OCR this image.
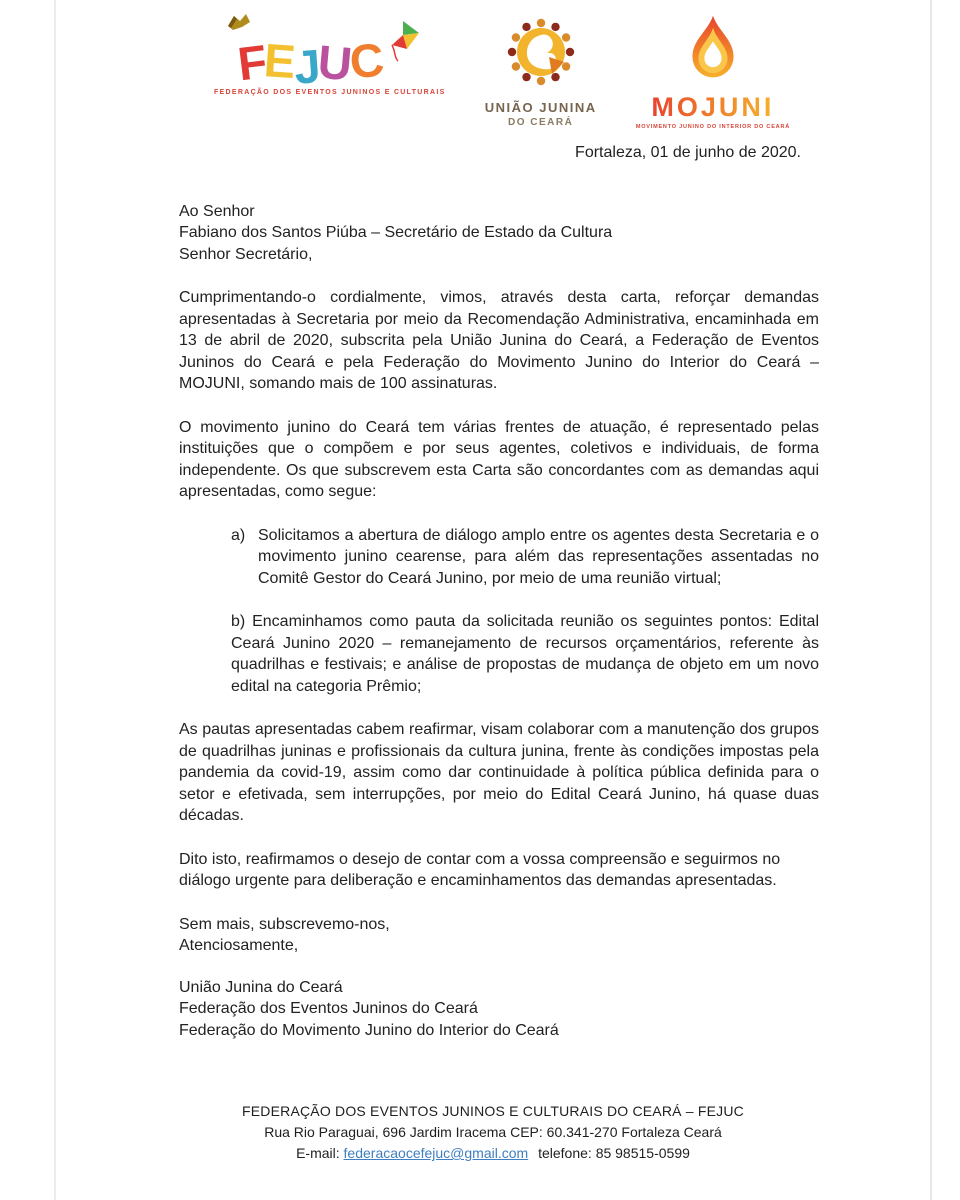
F
E
J
U
C
FEDERAÇÃO DOS EVENTOS JUNINOS E CULTURAIS
UNIÃO JUNINA
DO CEARÁ
MOJUNI
MOVIMENTO JUNINO DO INTERIOR DO CEARÁ

Fortaleza, 01 de junho de 2020.

Ao Senhor

Fabiano dos Santos Piúba – Secretário de Estado da Cultura

Senhor Secretário,

Cumprimentando-o cordialmente, vimos, através desta carta, reforçar demandas apresentadas à Secretaria por meio da Recomendação Administrativa, encaminhada em 13 de abril de 2020, subscrita pela União Junina do Ceará, a Federação de Eventos Juninos do Ceará e pela Federação do Movimento Junino do Interior do Ceará – MOJUNI, somando mais de 100 assinaturas.

O movimento junino do Ceará tem várias frentes de atuação, é representado pelas instituições que o compõem e por seus agentes, coletivos e individuais, de forma independente. Os que subscrevem esta Carta são concordantes com as demandas aqui apresentadas, como segue:

a) Solicitamos a abertura de diálogo amplo entre os agentes desta Secretaria e o movimento junino cearense, para além das representações assentadas no Comitê Gestor do Ceará Junino, por meio de uma reunião virtual;

b) Encaminhamos como pauta da solicitada reunião os seguintes pontos: Edital Ceará Junino 2020 – remanejamento de recursos orçamentários, referente às quadrilhas e festivais; e análise de propostas de mudança de objeto em um novo edital na categoria Prêmio;

As pautas apresentadas cabem reafirmar, visam colaborar com a manutenção dos grupos de quadrilhas juninas e profissionais da cultura junina, frente às condições impostas pela pandemia da covid-19, assim como dar continuidade à política pública definida para o setor e efetivada, sem interrupções, por meio do Edital Ceará Junino, há quase duas décadas.

Dito isto, reafirmamos o desejo de contar com a vossa compreensão e seguirmos no diálogo urgente para deliberação e encaminhamentos das demandas apresentadas.

Sem mais, subscrevemo-nos,

Atenciosamente,

União Junina do Ceará

Federação dos Eventos Juninos do Ceará

Federação do Movimento Junino do Interior do Ceará

FEDERAÇÃO DOS EVENTOS JUNINOS E CULTURAIS DO CEARÁ – FEJUC

Rua Rio Paraguai, 696 Jardim Iracema CEP: 60.341-270 Fortaleza Ceará

E-mail: federacaocefejuc@gmail.com telefone: 85 98515-0599
